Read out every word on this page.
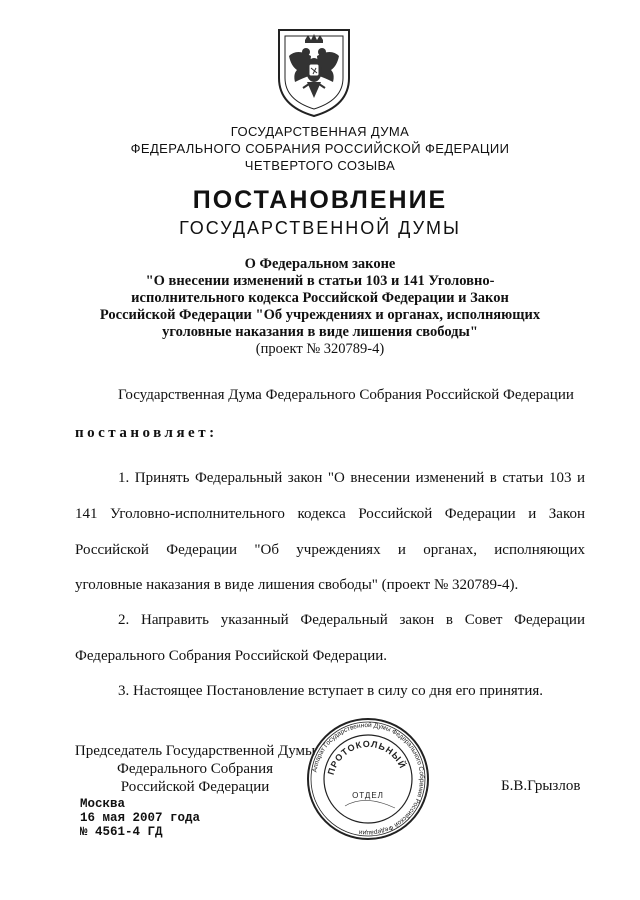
ГОСУДАРСТВЕННАЯ ДУМА
ФЕДЕРАЛЬНОГО СОБРАНИЯ РОССИЙСКОЙ ФЕДЕРАЦИИ
ЧЕТВЕРТОГО СОЗЫВА
ПОСТАНОВЛЕНИЕ
ГОСУДАРСТВЕННОЙ ДУМЫ
О Федеральном законе
"О внесении изменений в статьи 103 и 141 Уголовно-
исполнительного кодекса Российской Федерации и Закон
Российской Федерации "Об учреждениях и органах, исполняющих
уголовные наказания в виде лишения свободы"
(проект № 320789-4)
Государственная Дума Федерального Собрания Российской Федерации
постановляет:
1. Принять Федеральный закон "О внесении изменений в статьи 103 и
141 Уголовно-исполнительного кодекса Российской Федерации и Закон
Российской Федерации "Об учреждениях и органах, исполняющих
уголовные наказания в виде лишения свободы" (проект № 320789-4).
2. Направить указанный Федеральный закон в Совет Федерации
Федерального Собрания Российской Федерации.
3. Настоящее Постановление вступает в силу со дня его принятия.
Председатель Государственной Думы
Федерального Собрания
Российской Федерации	Б.В.Грызлов
Москва
16 мая 2007 года
№ 4561-4 ГД
Аппарат Государственной Думы Федерального Собрания Российской Федерации
ПРОТОКОЛЬНЫЙ
ОТДЕЛ
